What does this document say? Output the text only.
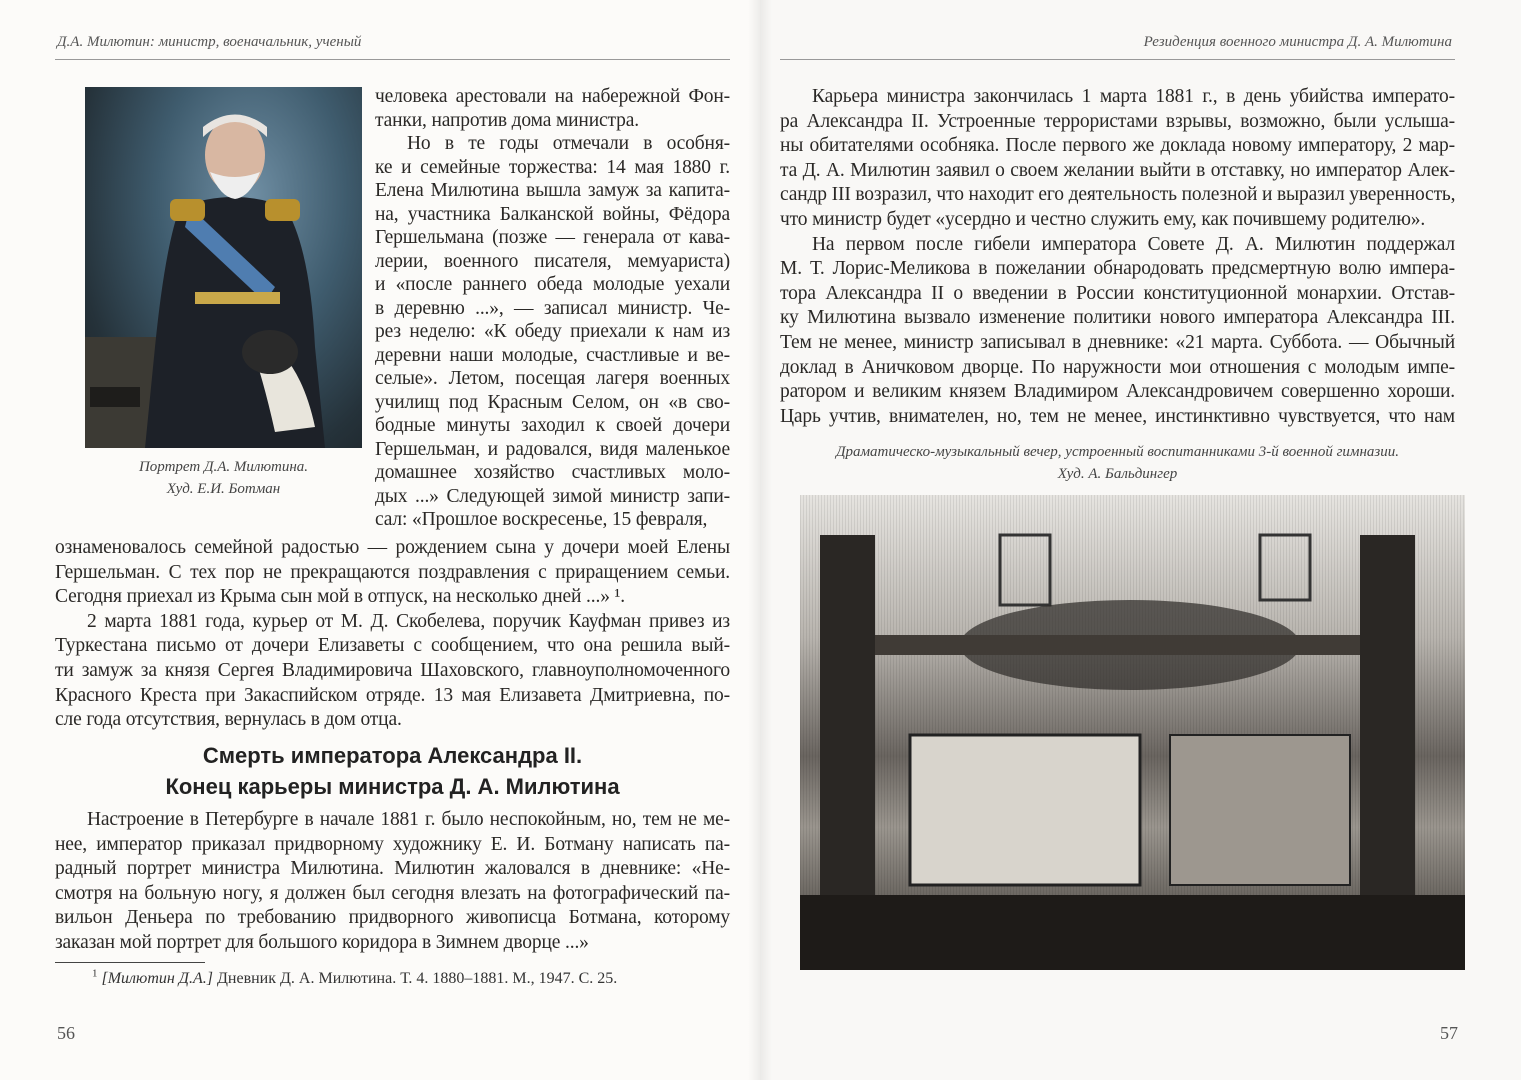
Д.А. Милютин: министр, военачальник, ученый
Портрет Д.А. Милютина.
Худ. Е.И. Ботман
человека арестовали на набережной Фон-
танки, напротив дома министра.
Но в те годы отмечали в особня-
ке и семейные торжества: 14 мая 1880 г.
Елена Милютина вышла замуж за капита-
на, участника Балканской войны, Фёдора
Гершельмана (позже — генерала от кава-
лерии, военного писателя, мемуариста)
и «после раннего обеда молодые уехали
в деревню ...», — записал министр. Че-
рез неделю: «К обеду приехали к нам из
деревни наши молодые, счастливые и ве-
селые». Летом, посещая лагеря военных
училищ под Красным Селом, он «в сво-
бодные минуты заходил к своей дочери
Гершельман, и радовался, видя маленькое
домашнее хозяйство счастливых моло-
дых ...» Следующей зимой министр запи-
сал: «Прошлое воскресенье, 15 февраля,
ознаменовалось семейной радостью — рождением сына у дочери моей Елены
Гершельман. С тех пор не прекращаются поздравления с приращением семьи.
Сегодня приехал из Крыма сын мой в отпуск, на несколько дней ...» ¹.
2 марта 1881 года, курьер от М. Д. Скобелева, поручик Кауфман привез из
Туркестана письмо от дочери Елизаветы с сообщением, что она решила вый-
ти замуж за князя Сергея Владимировича Шаховского, главноуполномоченного
Красного Креста при Закаспийском отряде. 13 мая Елизавета Дмитриевна, по-
сле года отсутствия, вернулась в дом отца.
Смерть императора Александра II.
Конец карьеры министра Д. А. Милютина
Настроение в Петербурге в начале 1881 г. было неспокойным, но, тем не ме-
нее, император приказал придворному художнику Е. И. Ботману написать па-
радный портрет министра Милютина. Милютин жаловался в дневнике: «Не-
смотря на больную ногу, я должен был сегодня влезать на фотографический па-
вильон Деньера по требованию придворного живописца Ботмана, которому
заказан мой портрет для большого коридора в Зимнем дворце ...»
$^1$ [Милютин Д.А.] Дневник Д. А. Милютина. Т. 4. 1880–1881. М., 1947. С. 25.
56
Резиденция военного министра Д. А. Милютина
Карьера министра закончилась 1 марта 1881 г., в день убийства императо-
ра Александра II. Устроенные террористами взрывы, возможно, были услыша-
ны обитателями особняка. После первого же доклада новому императору, 2 мар-
та Д. А. Милютин заявил о своем желании выйти в отставку, но император Алек-
сандр III возразил, что находит его деятельность полезной и выразил уверенность,
что министр будет «усердно и честно служить ему, как почившему родителю».
На первом после гибели императора Совете Д. А. Милютин поддержал
М. Т. Лорис-Меликова в пожелании обнародовать предсмертную волю импера-
тора Александра II о введении в России конституционной монархии. Отстав-
ку Милютина вызвало изменение политики нового императора Александра III.
Тем не менее, министр записывал в дневнике: «21 марта. Суббота. — Обычный
доклад в Аничковом дворце. По наружности мои отношения с молодым импе-
ратором и великим князем Владимиром Александровичем совершенно хороши.
Царь учтив, внимателен, но, тем не менее, инстинктивно чувствуется, что нам
Драматическо-музыкальный вечер, устроенный воспитанниками 3-й военной гимназии.
Худ. А. Бальдингер
57
